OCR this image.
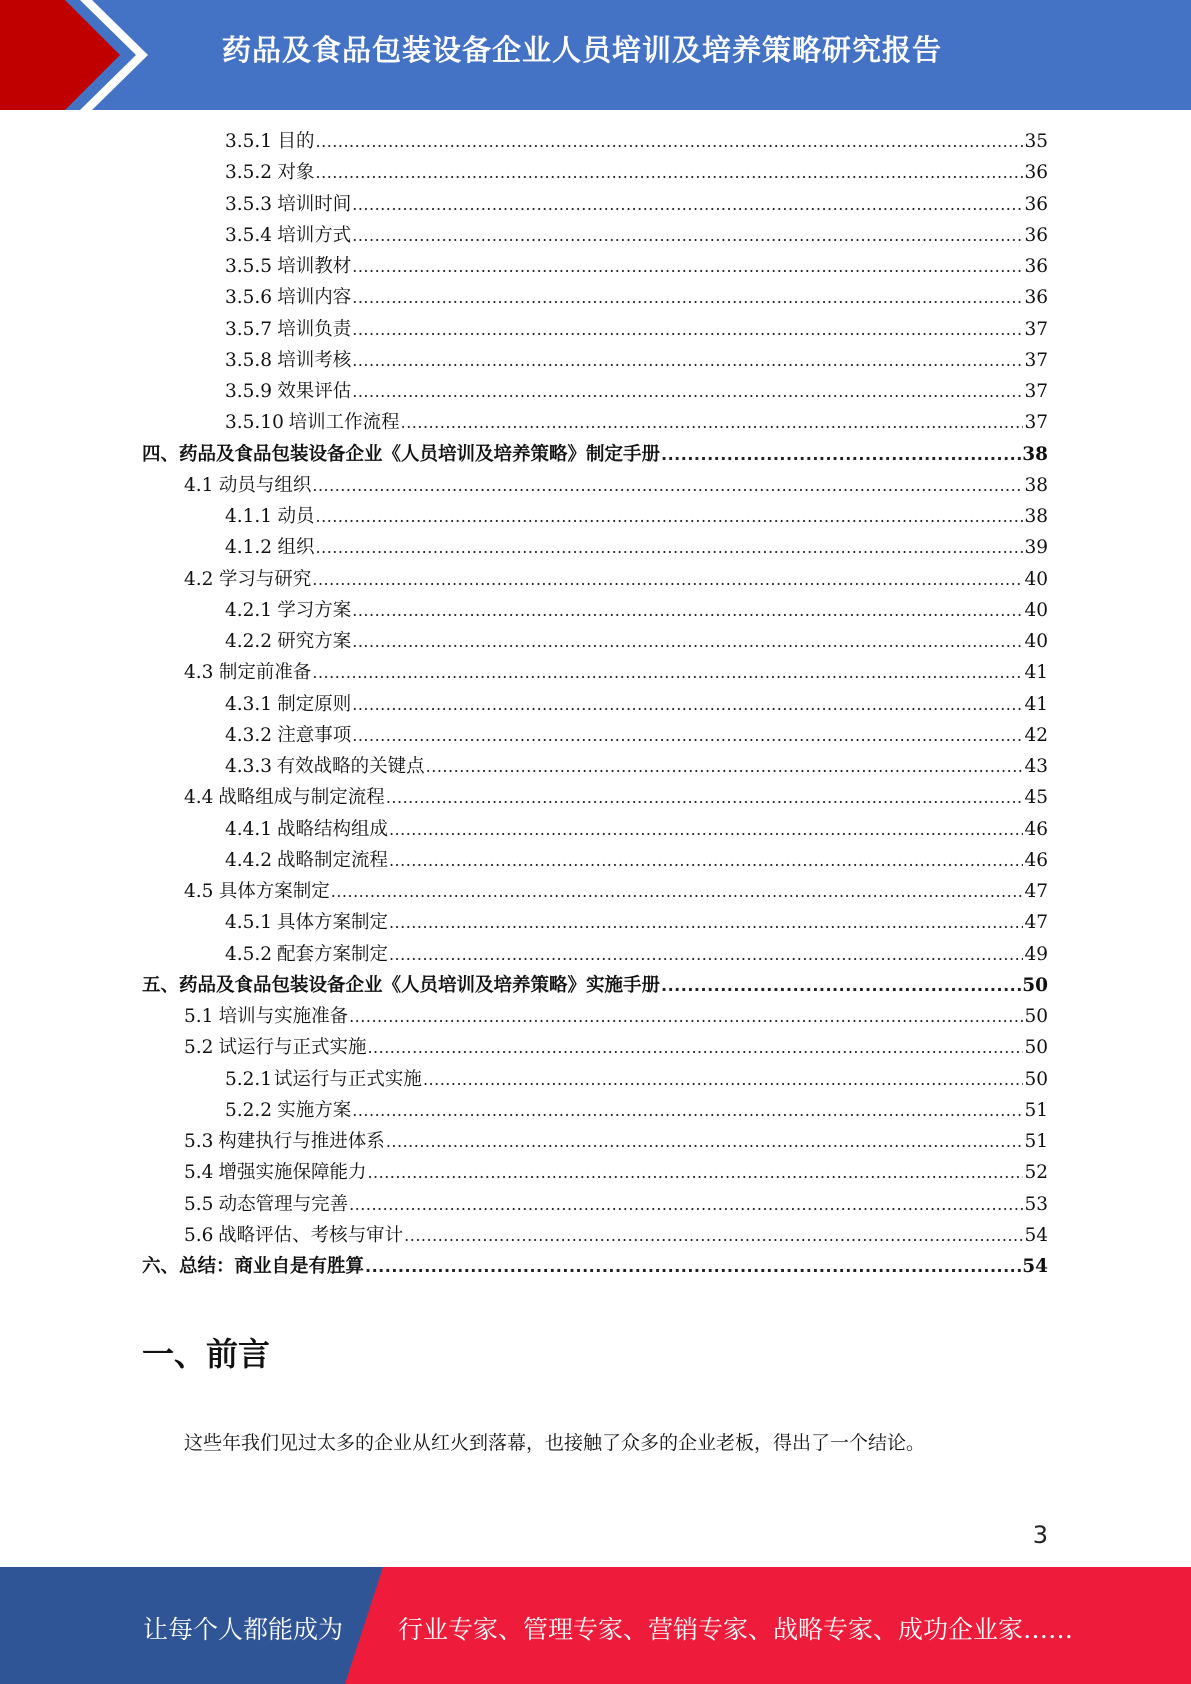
药品及食品包装设备企业人员培训及培养策略研究报告
3.5.1 目的 .....	35
3.5.2 对象 .....	36
3.5.3 培训时间 .....	36
3.5.4 培训方式 .....	36
3.5.5 培训教材 .....	36
3.5.6 培训内容 .....	36
3.5.7 培训负责 .....	37
3.5.8 培训考核 .....	37
3.5.9 效果评估 .....	37
3.5.10 培训工作流程 .....	37
四、药品及食品包装设备企业《人员培训及培养策略》制定手册 .....	38
4.1 动员与组织 .....	38
4.1.1 动员 .....	38
4.1.2 组织 .....	39
4.2 学习与研究 .....	40
4.2.1 学习方案 .....	40
4.2.2 研究方案 .....	40
4.3 制定前准备 .....	41
4.3.1 制定原则 .....	41
4.3.2 注意事项 .....	42
4.3.3 有效战略的关键点 .....	43
4.4 战略组成与制定流程 .....	45
4.4.1 战略结构组成 .....	46
4.4.2 战略制定流程 .....	46
4.5 具体方案制定 .....	47
4.5.1 具体方案制定 .....	47
4.5.2 配套方案制定 .....	49
五、药品及食品包装设备企业《人员培训及培养策略》实施手册 .....	50
5.1 培训与实施准备 .....	50
5.2 试运行与正式实施 .....	50
5.2.1 试运行与正式实施 .....	50
5.2.2 实施方案 .....	51
5.3 构建执行与推进体系 .....	51
5.4 增强实施保障能力 .....	52
5.5 动态管理与完善 .....	53
5.6 战略评估、考核与审计 .....	54
六、总结：商业自是有胜算 .....	54
一、前言
这些年我们见过太多的企业从红火到落幕，也接触了众多的企业老板，得出了一个结论。
3
让每个人都能成为 行业专家、管理专家、营销专家、战略专家、成功企业家……
